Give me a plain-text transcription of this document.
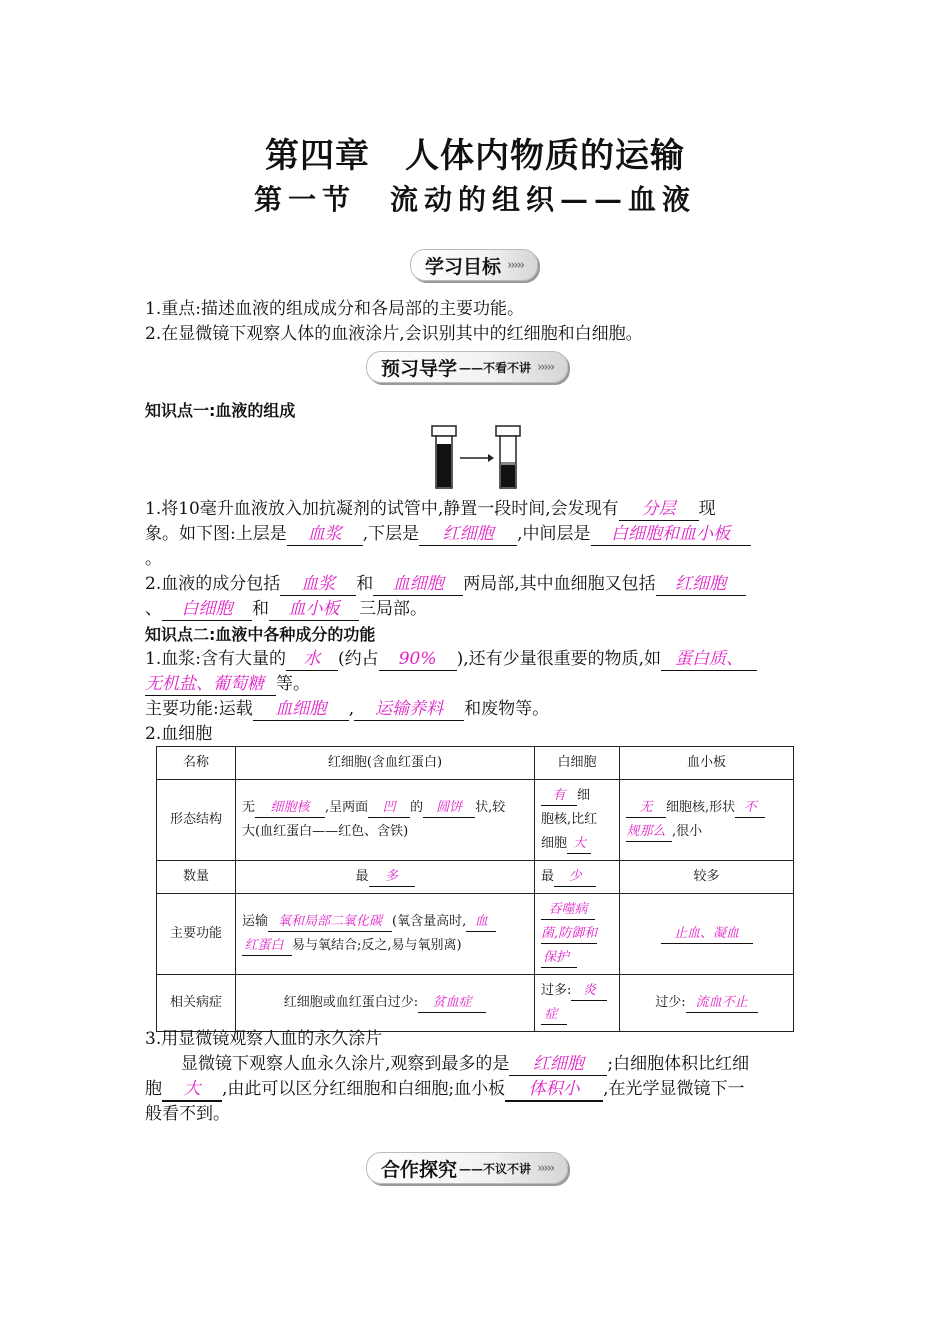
第四章　人体内物质的运输
第一节　流动的组织——血液
学习目标 ›››››
1.重点:描述血液的组成成分和各局部的主要功能。
2.在显微镜下观察人体的血液涂片,会识别其中的红细胞和白细胞。
预习导学 ——不看不讲 ›››››
知识点一:血液的组成
1.将10毫升血液放入加抗凝剂的试管中,静置一段时间,会发现有 分层 现
象。如下图:上层是 血浆 ,下层是 红细胞 ,中间层是 白细胞和血小板
。
2.血液的成分包括 血浆 和 血细胞 两局部,其中血细胞又包括 红细胞
、 白细胞 和 血小板 三局部。
知识点二:血液中各种成分的功能
1.血浆:含有大量的 水 (约占 90% ),还有少量很重要的物质,如 蛋白质、
无机盐、葡萄糖 等。
主要功能:运载 血细胞 , 运输养料 和废物等。
2.血细胞
名称	红细胞(含血红蛋白)	白细胞	血小板
形态结构	无 细胞核 ,呈两面 凹 的 圆饼 状,较
大(血红蛋白——红色、含铁)	有 细
胞核,比红
细胞 大	无 细胞核,形状 不
规那么 ,很小
数量	最 多	最 少	较多
主要功能	运输 氧和局部二氧化碳 (氧含量高时, 血
红蛋白 易与氧结合;反之,易与氧别离)	吞噬病
菌,防御和
保护	止血、凝血
相关病症	红细胞或血红蛋白过少: 贫血症	过多: 炎
症	过少: 流血不止
3.用显微镜观察人血的永久涂片
显微镜下观察人血永久涂片,观察到最多的是 红细胞 ;白细胞体积比红细
胞 大 ,由此可以区分红细胞和白细胞;血小板 体积小 ,在光学显微镜下一
般看不到。
合作探究 ——不议不讲 ›››››
